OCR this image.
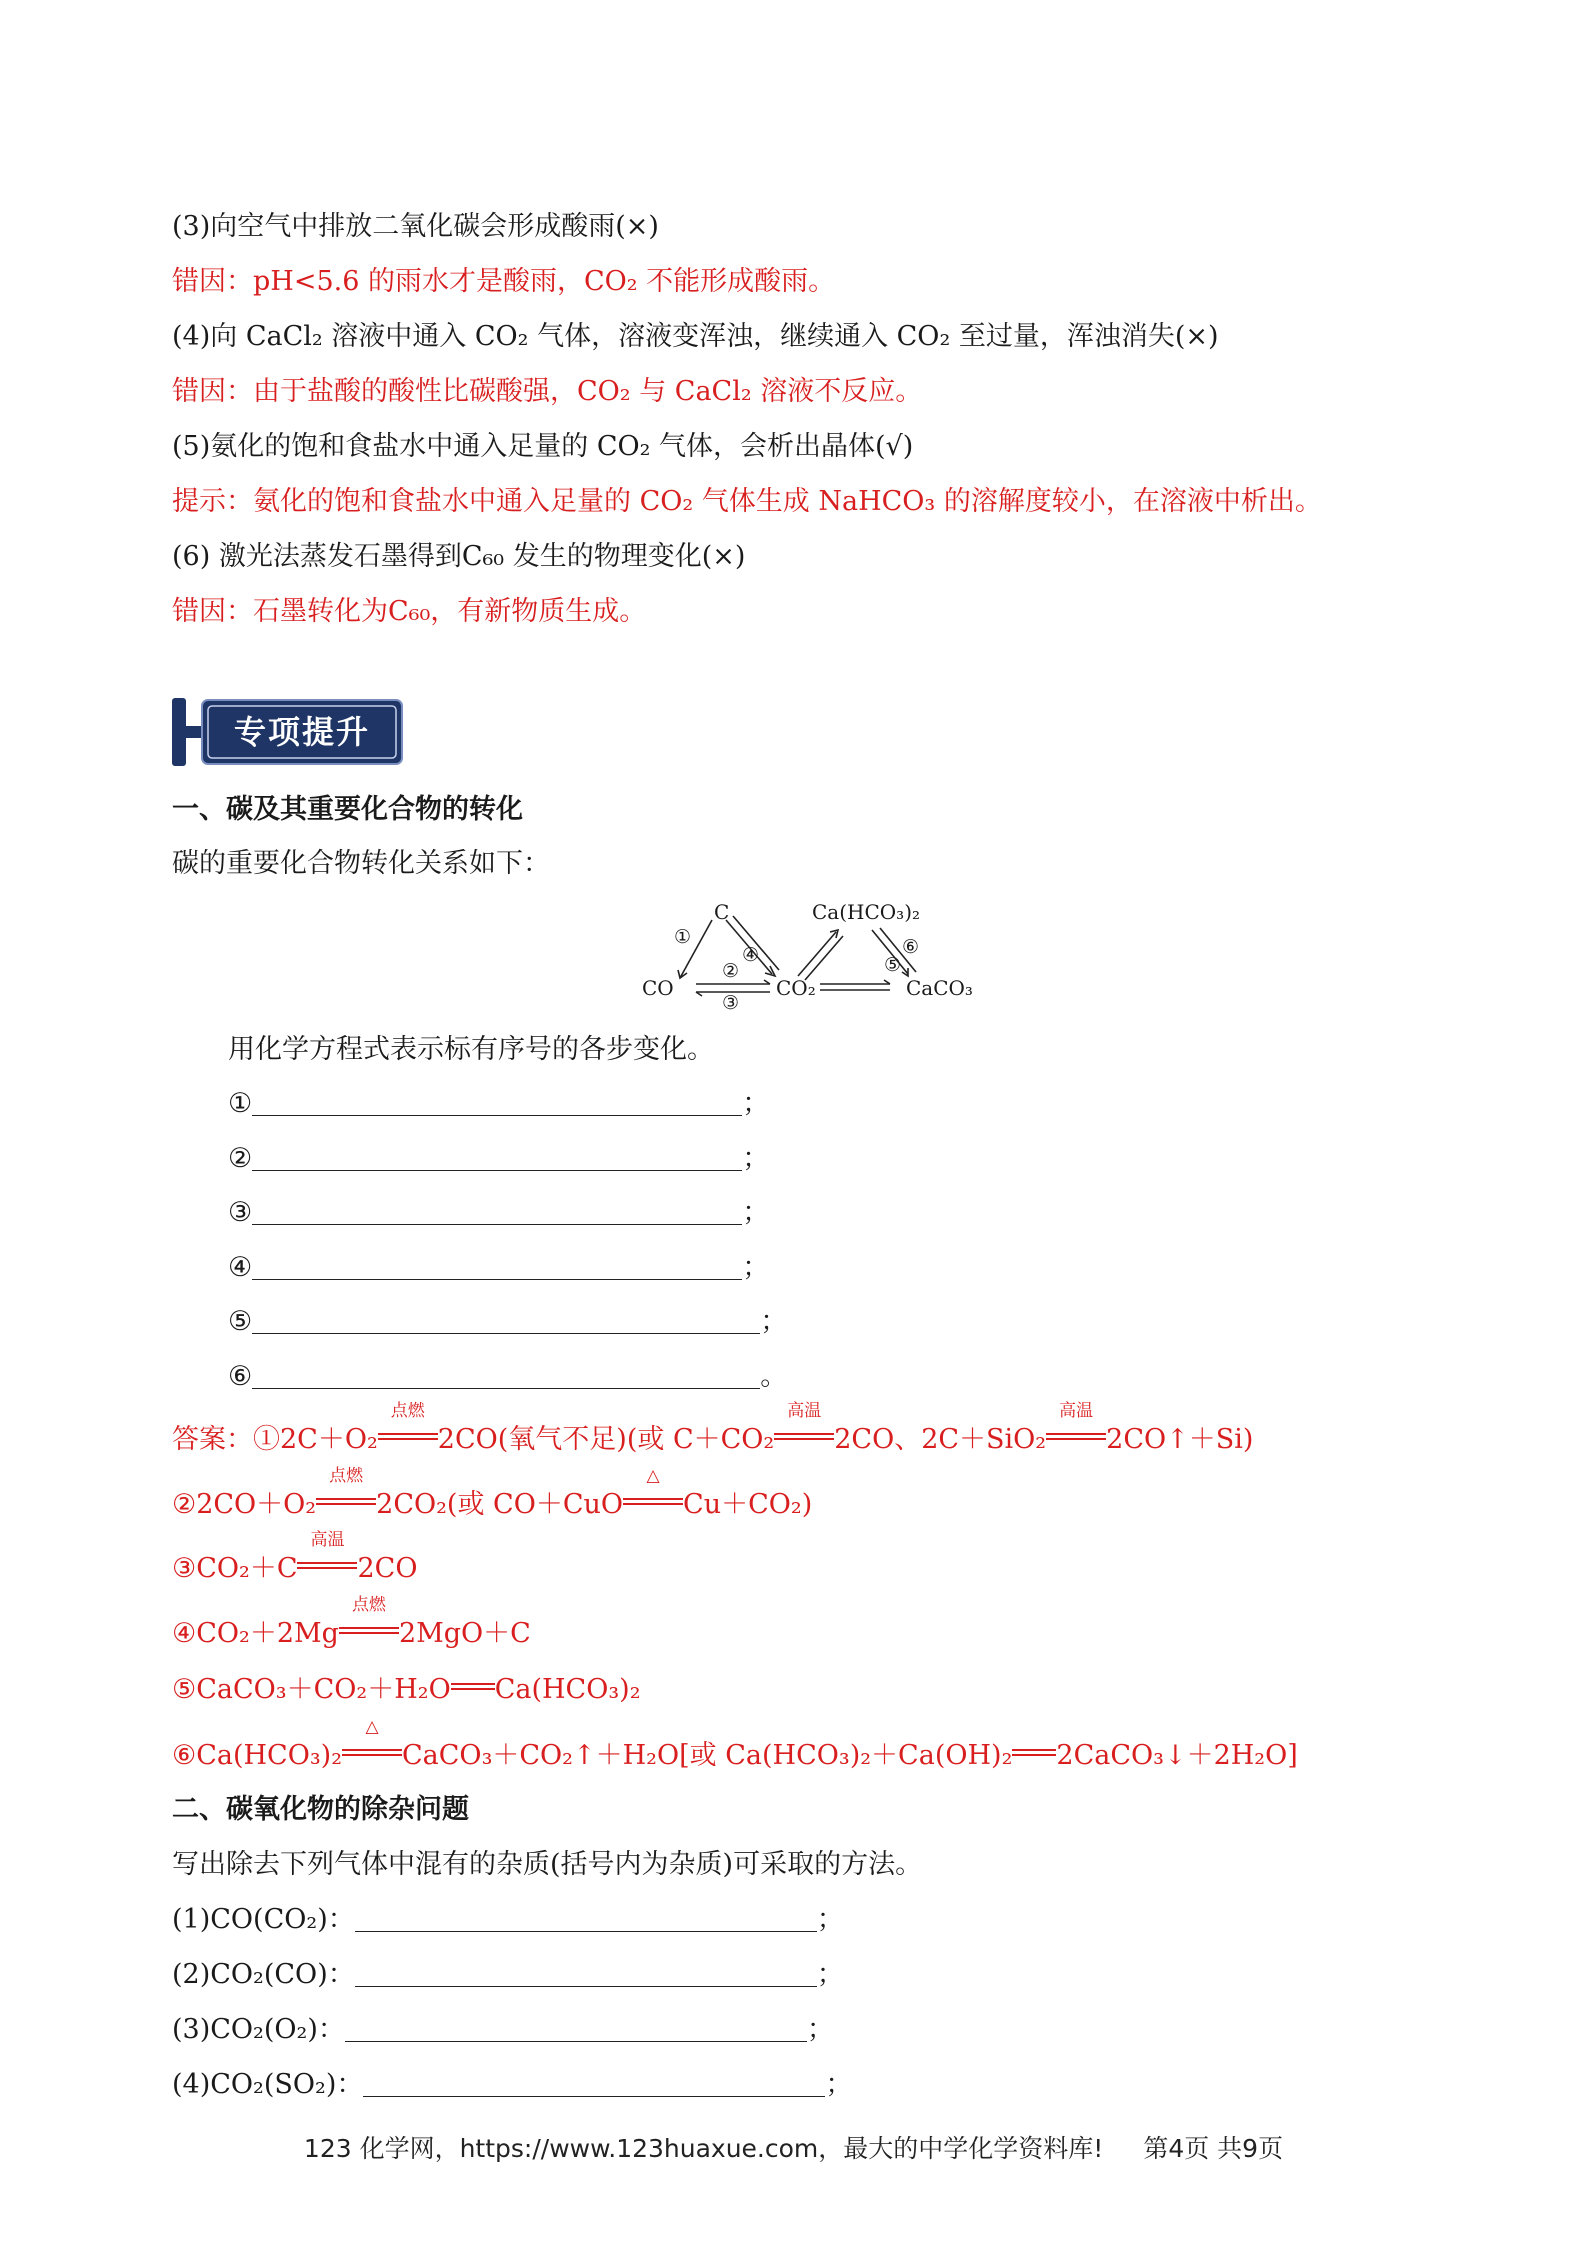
(3)向空气中排放二氧化碳会形成酸雨(×)
错因：pH<5.6 的雨水才是酸雨，CO₂ 不能形成酸雨。
(4)向 CaCl₂ 溶液中通入 CO₂ 气体，溶液变浑浊，继续通入 CO₂ 至过量，浑浊消失(×)
错因：由于盐酸的酸性比碳酸强，CO₂ 与 CaCl₂ 溶液不反应。
(5)氨化的饱和食盐水中通入足量的 CO₂ 气体，会析出晶体(√)
提示：氨化的饱和食盐水中通入足量的 CO₂ 气体生成 NaHCO₃ 的溶解度较小，在溶液中析出。
(6) 激光法蒸发石墨得到C₆₀ 发生的物理变化(×)
错因：石墨转化为C₆₀，有新物质生成。
专项提升
一、碳及其重要化合物的转化
碳的重要化合物转化关系如下：
C
CO	CO₂
Ca(HCO₃)₂
CaCO₃
①
②
③
④	⑤
⑥
用化学方程式表示标有序号的各步变化。
①	；
②	；
③	；
④	；
⑤	；
⑥	。
答案：①2C＋O₂
点燃
2CO(氧气不足)(或 C＋CO₂
高温
2CO、2C＋SiO₂
高温
2CO↑＋Si)
②2CO＋O₂
点燃
2CO₂(或 CO＋CuO
△
Cu＋CO₂)
③CO₂＋C
高温
2CO
④CO₂＋2Mg
点燃
2MgO＋C
⑤CaCO₃＋CO₂＋H₂O Ca(HCO₃)₂
⑥Ca(HCO₃)₂
△
CaCO₃＋CO₂↑＋H₂O[或 Ca(HCO₃)₂＋Ca(OH)₂ 2CaCO₃↓＋2H₂O]
二、碳氧化物的除杂问题
写出除去下列气体中混有的杂质(括号内为杂质)可采取的方法。
(1)CO(CO₂)：	；
(2)CO₂(CO)：	；
(3)CO₂(O₂)：	；
(4)CO₂(SO₂)：	；
123 化学网，https://www.123huaxue.com，最大的中学化学资料库! 第4页 共9页
